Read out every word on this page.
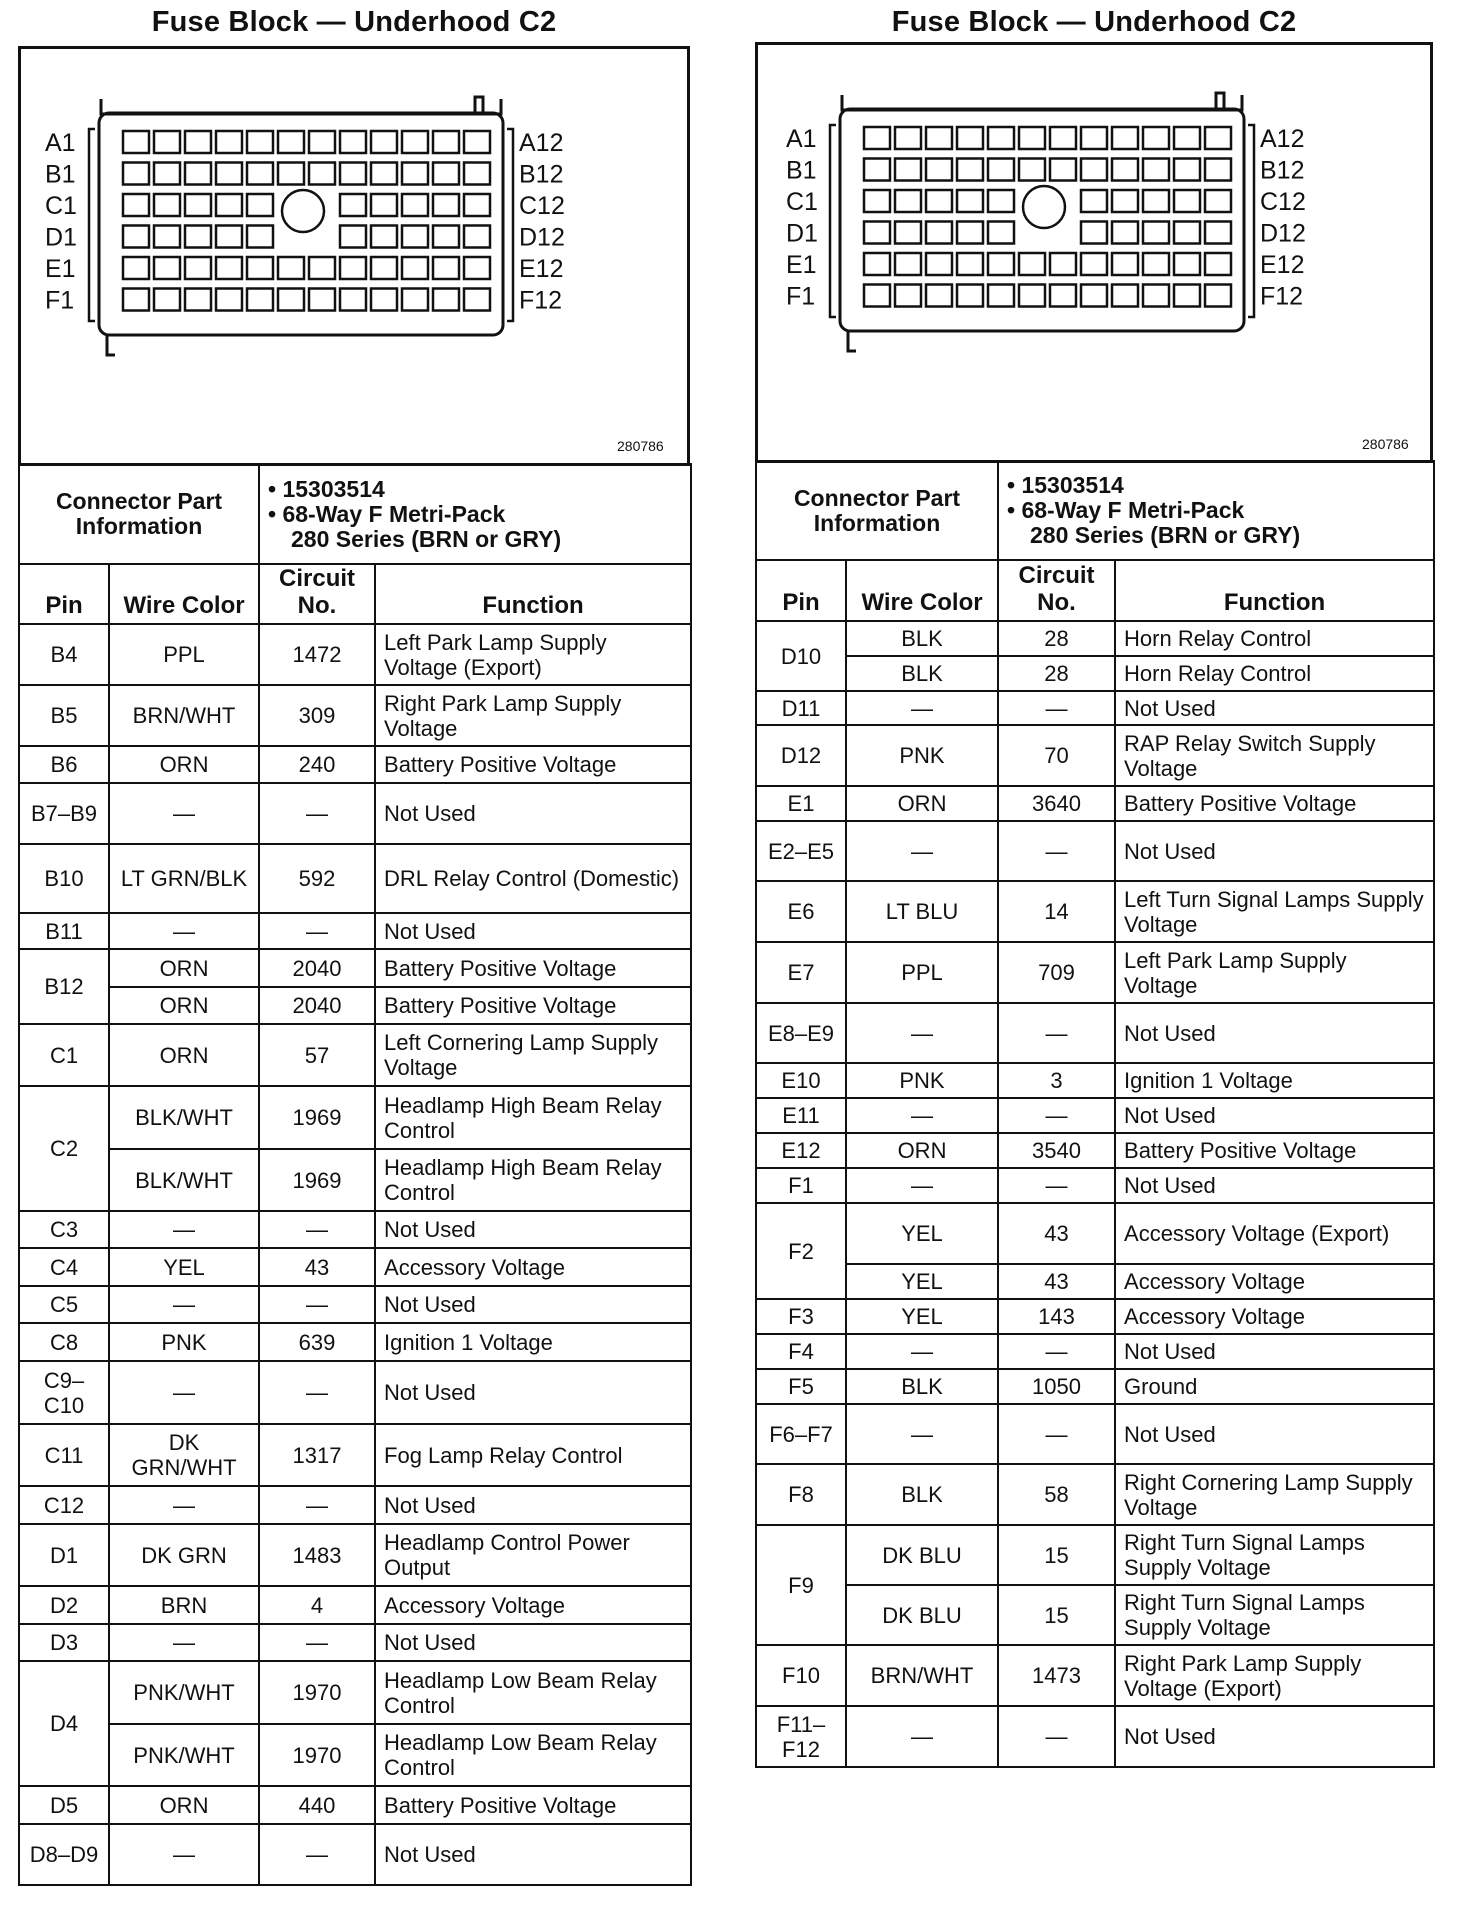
Fuse Block — Underhood C2
A1
B1
C1
D1
E1
F1
A12
B12
C12
D12
E12
F12
280786
Connector Part Information		• 15303514
• 68-Way F Metri-Pack
280 Series (BRN or GRY)	

Pin	Wire Color	Circuit No.	Function
B4	PPL	1472	Left Park Lamp Supply Voltage (Export)
B5	BRN/WHT	309	Right Park Lamp Supply Voltage
B6	ORN	240	Battery Positive Voltage
B7–B9	—	—	Not Used
B10	LT GRN/BLK	592	DRL Relay Control (Domestic)
B11	—	—	Not Used
B12	ORN	2040	Battery Positive Voltage
	ORN	2040	Battery Positive Voltage
C1	ORN	57	Left Cornering Lamp Supply Voltage
C2	BLK/WHT	1969	Headlamp High Beam Relay Control
	BLK/WHT	1969	Headlamp High Beam Relay Control
C3	—	—	Not Used
C4	YEL	43	Accessory Voltage
C5	—	—	Not Used
C8	PNK	639	Ignition 1 Voltage
C9–C10	—	—	Not Used
C11	DK GRN/WHT	1317	Fog Lamp Relay Control
C12	—	—	Not Used
D1	DK GRN	1483	Headlamp Control Power Output
D2	BRN	4	Accessory Voltage
D3	—	—	Not Used
D4	PNK/WHT	1970	Headlamp Low Beam Relay Control
	PNK/WHT	1970	Headlamp Low Beam Relay Control
D5	ORN	440	Battery Positive Voltage
D8–D9	—	—	Not Used
Fuse Block — Underhood C2
A1
B1
C1
D1
E1
F1
A12
B12
C12
D12
E12
F12
280786
Connector Part Information		• 15303514
• 68-Way F Metri-Pack
280 Series (BRN or GRY)	

Pin	Wire Color	Circuit No.	Function
D10	BLK	28	Horn Relay Control
	BLK	28	Horn Relay Control
D11	—	—	Not Used
D12	PNK	70	RAP Relay Switch Supply Voltage
E1	ORN	3640	Battery Positive Voltage
E2–E5	—	—	Not Used
E6	LT BLU	14	Left Turn Signal Lamps Supply Voltage
E7	PPL	709	Left Park Lamp Supply Voltage
E8–E9	—	—	Not Used
E10	PNK	3	Ignition 1 Voltage
E11	—	—	Not Used
E12	ORN	3540	Battery Positive Voltage
F1	—	—	Not Used
F2	YEL	43	Accessory Voltage (Export)
	YEL	43	Accessory Voltage
F3	YEL	143	Accessory Voltage
F4	—	—	Not Used
F5	BLK	1050	Ground
F6–F7	—	—	Not Used
F8	BLK	58	Right Cornering Lamp Supply Voltage
F9	DK BLU	15	Right Turn Signal Lamps Supply Voltage
	DK BLU	15	Right Turn Signal Lamps Supply Voltage
F10	BRN/WHT	1473	Right Park Lamp Supply Voltage (Export)
F11–F12	—	—	Not Used
